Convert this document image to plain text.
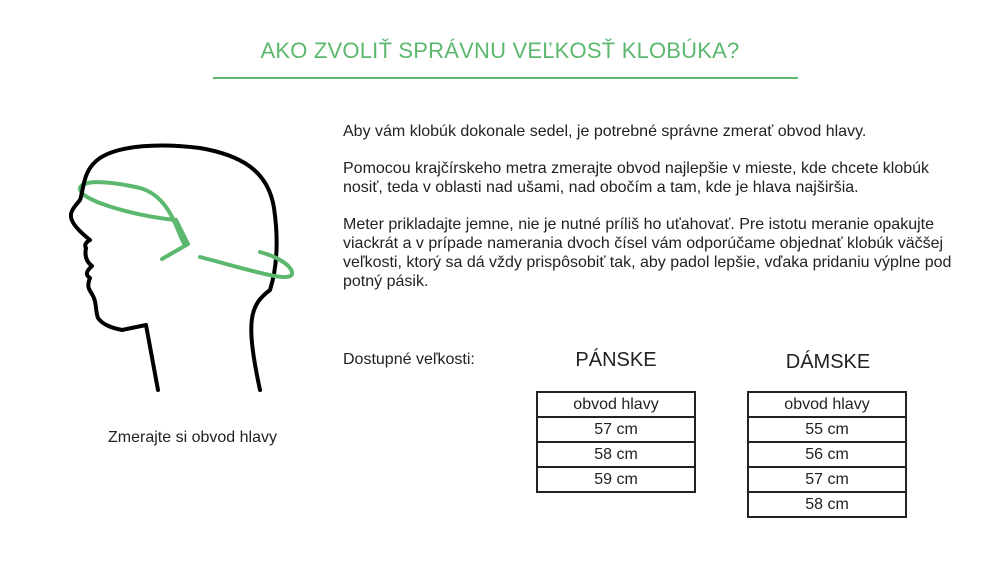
AKO ZVOLIŤ SPRÁVNU VEĽKOSŤ KLOBÚKA?
Zmerajte si obvod hlavy

Aby vám klobúk dokonale sedel, je potrebné správne zmerať obvod hlavy.

Pomocou krajčírskeho metra zmerajte obvod najlepšie v mieste, kde chcete klobúk nosiť, teda v oblasti nad ušami, nad obočím a tam, kde je hlava najširšia.

Meter prikladajte jemne, nie je nutné príliš ho uťahovať. Pre istotu meranie opakujte viackrát a v prípade namerania dvoch čísel vám odporúčame objednať klobúk väčšej veľkosti, ktorý sa dá vždy prispôsobiť tak, aby padol lepšie, vďaka pridaniu výplne pod potný pásik.

Dostupné veľkosti:	PÁNSKE	DÁMSKE
obvod hlavy
57 cm
58 cm
59 cm
obvod hlavy
55 cm
56 cm
57 cm
58 cm
